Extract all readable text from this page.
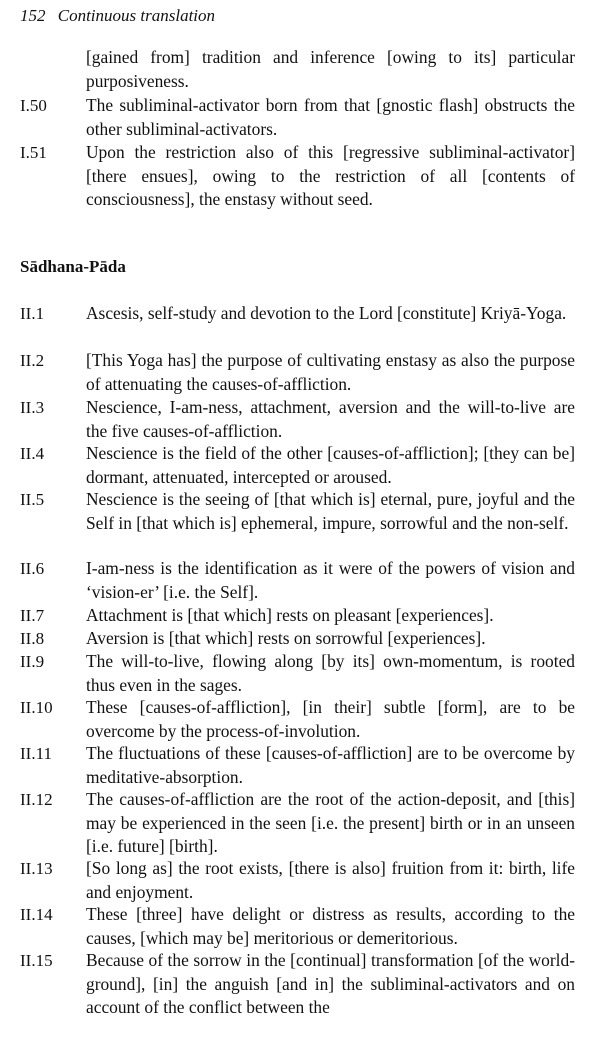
152 Continuous translation
[gained from] tradition and inference [owing to its] particular purposiveness.
I.50 The subliminal-activator born from that [gnostic flash] obstructs the other subliminal-activators.
I.51 Upon the restriction also of this [regressive subliminal-activator] [there ensues], owing to the restriction of all [contents of consciousness], the enstasy without seed.
Sādhana-Pāda
II.1 Ascesis, self-study and devotion to the Lord [constitute] Kriyā-Yoga.
II.2 [This Yoga has] the purpose of cultivating enstasy as also the purpose of attenuating the causes-of-affliction.
II.3 Nescience, I-am-ness, attachment, aversion and the will-to-live are the five causes-of-affliction.
II.4 Nescience is the field of the other [causes-of-affliction]; [they can be] dormant, attenuated, intercepted or aroused.
II.5 Nescience is the seeing of [that which is] eternal, pure, joyful and the Self in [that which is] ephemeral, impure, sorrowful and the non-self.
II.6 I-am-ness is the identification as it were of the powers of vision and ‘vision-er’ [i.e. the Self].
II.7 Attachment is [that which] rests on pleasant [experiences].
II.8 Aversion is [that which] rests on sorrowful [experiences].
II.9 The will-to-live, flowing along [by its] own-momentum, is rooted thus even in the sages.
II.10 These [causes-of-affliction], [in their] subtle [form], are to be overcome by the process-of-involution.
II.11 The fluctuations of these [causes-of-affliction] are to be overcome by meditative-absorption.
II.12 The causes-of-affliction are the root of the action-deposit, and [this] may be experienced in the seen [i.e. the present] birth or in an unseen [i.e. future] [birth].
II.13 [So long as] the root exists, [there is also] fruition from it: birth, life and enjoyment.
II.14 These [three] have delight or distress as results, according to the causes, [which may be] meritorious or demeritorious.
II.15 Because of the sorrow in the [continual] transformation [of the world-ground], [in] the anguish [and in] the subliminal-activators and on account of the conflict between the
